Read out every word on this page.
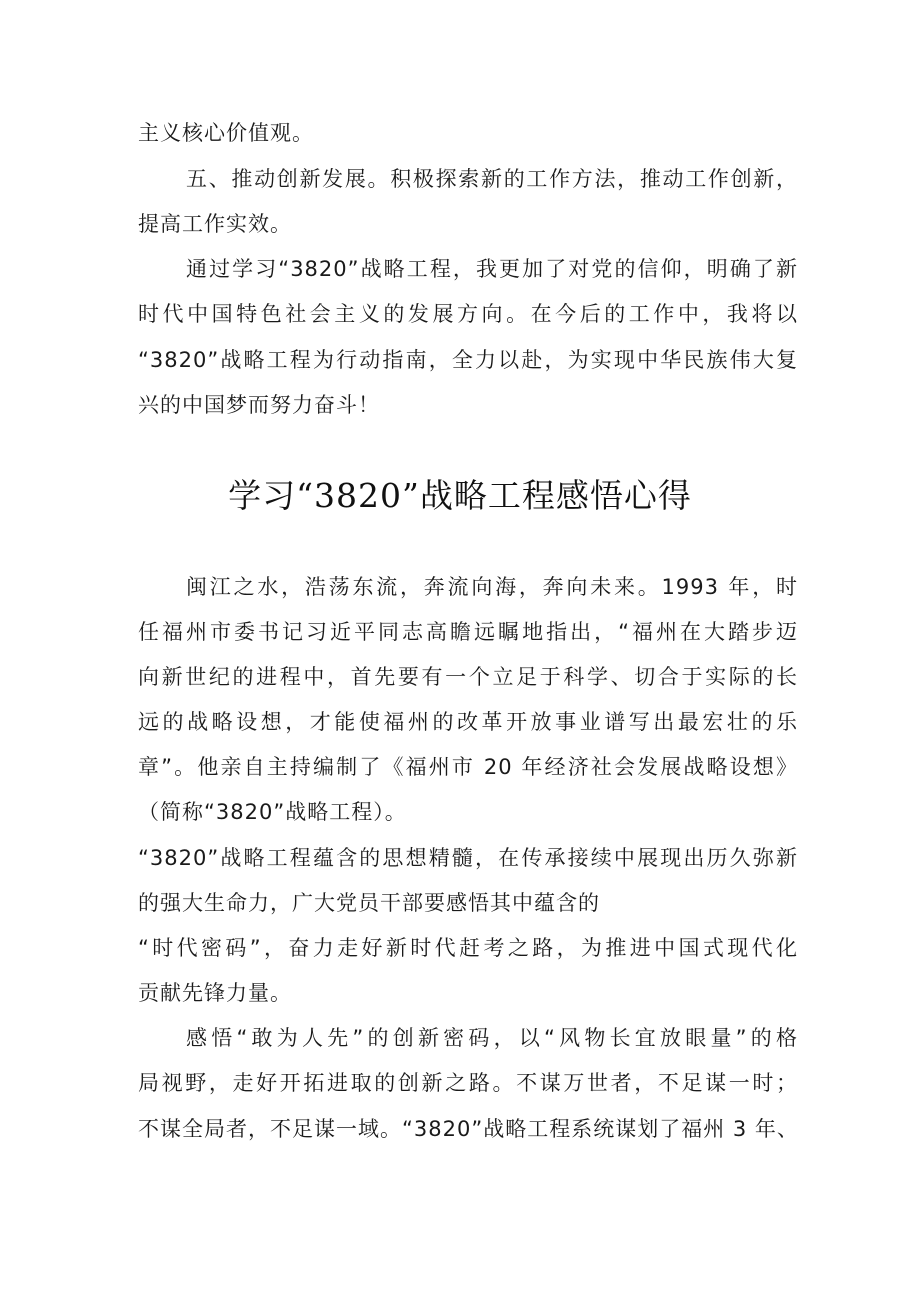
主义核心价值观。
五、推动创新发展。积极探索新的工作方法，推动工作创新，
提高工作实效。
通过学习“3820”战略工程，我更加了对党的信仰，明确了新
时代中国特色社会主义的发展方向。在今后的工作中，我将以
“3820”战略工程为行动指南，全力以赴，为实现中华民族伟大复
兴的中国梦而努力奋斗！
学习“3820”战略工程感悟心得
闽江之水，浩荡东流，奔流向海，奔向未来。1993 年，时
任福州市委书记习近平同志高瞻远瞩地指出，“福州在大踏步迈
向新世纪的进程中，首先要有一个立足于科学、切合于实际的长
远的战略设想，才能使福州的改革开放事业谱写出最宏壮的乐
章”。他亲自主持编制了《福州市 20 年经济社会发展战略设想》
（简称“3820”战略工程）。
“3820”战略工程蕴含的思想精髓，在传承接续中展现出历久弥新
的强大生命力，广大党员干部要感悟其中蕴含的
“时代密码”，奋力走好新时代赶考之路，为推进中国式现代化
贡献先锋力量。
感悟“敢为人先”的创新密码，以“风物长宜放眼量”的格
局视野，走好开拓进取的创新之路。不谋万世者，不足谋一时；
不谋全局者，不足谋一域。“3820”战略工程系统谋划了福州 3 年、
